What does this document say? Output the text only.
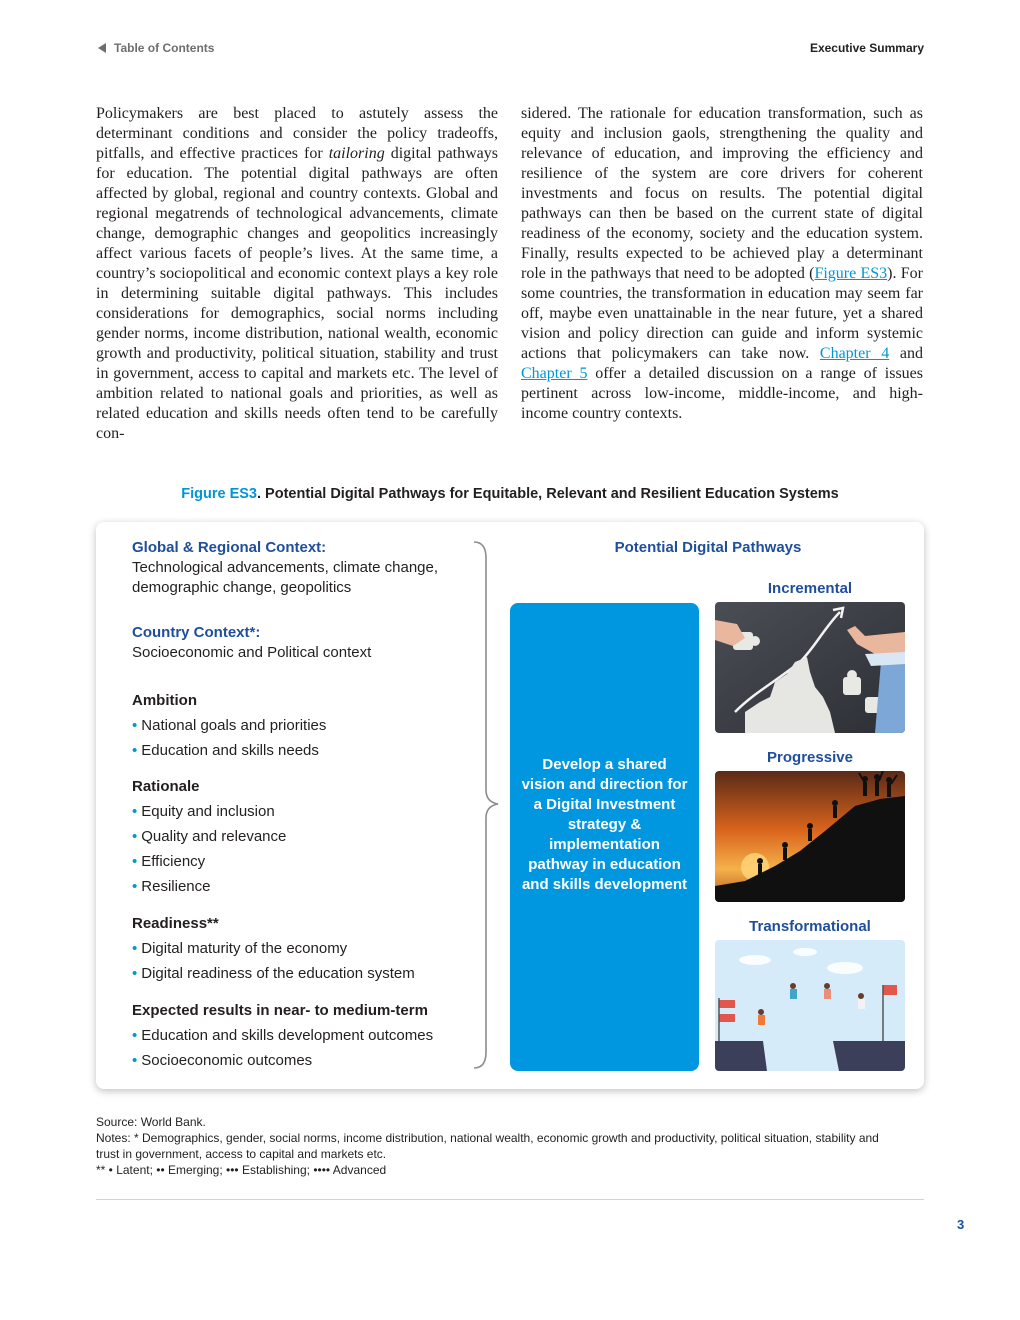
Table of Contents	Executive Summary

Policymakers are best placed to astutely assess the determinant conditions and consider the policy tradeoffs, pitfalls, and effective practices for tailoring digital pathways for education. The potential digital pathways are often affected by global, regional and country contexts. Global and regional megatrends of technological advancements, climate change, demographic changes and geopolitics increasingly affect various facets of people’s lives. At the same time, a country’s sociopolitical and economic context plays a key role in determining suitable digital pathways. This includes considerations for demographics, social norms including gender norms, income distribution, national wealth, economic growth and productivity, political situation, stability and trust in government, access to capital and markets etc. The level of ambition related to national goals and priorities, as well as related education and skills needs often tend to be carefully con-

sidered. The rationale for education transformation, such as equity and inclusion gaols, strengthening the quality and relevance of education, and improving the efficiency and resilience of the system are core drivers for coherent investments and focus on results. The potential digital pathways can then be based on the current state of digital readiness of the economy, society and the education system. Finally, results expected to be achieved play a determinant role in the pathways that need to be adopted (Figure ES3). For some countries, the transformation in education may seem far off, maybe even unattainable in the near future, yet a shared vision and policy direction can guide and inform systemic actions that policymakers can take now. Chapter 4 and Chapter 5 offer a detailed discussion on a range of issues pertinent across low-income, middle-income, and high-income country contexts.

Figure ES3. Potential Digital Pathways for Equitable, Relevant and Resilient Education Systems
Global & Regional Context:
Technological advancements, climate change, demographic change, geopolitics
Country Context*:
Socioeconomic and Political context
Ambition
• National goals and priorities
• Education and skills needs
Rationale
• Equity and inclusion
• Quality and relevance
• Efficiency
• Resilience
Readiness**
• Digital maturity of the economy
• Digital readiness of the education system
Expected results in near- to medium-term
• Education and skills development outcomes
• Socioeconomic outcomes
Potential Digital Pathways
Develop a shared vision and direction for a Digital Investment strategy & implementation pathway in education and skills development
Incremental
Progressive
Transformational

Source: World Bank.

Notes: * Demographics, gender, social norms, income distribution, national wealth, economic growth and productivity, political situation, stability and trust in government, access to capital and markets etc.

** • Latent; •• Emerging; ••• Establishing; •••• Advanced

3
